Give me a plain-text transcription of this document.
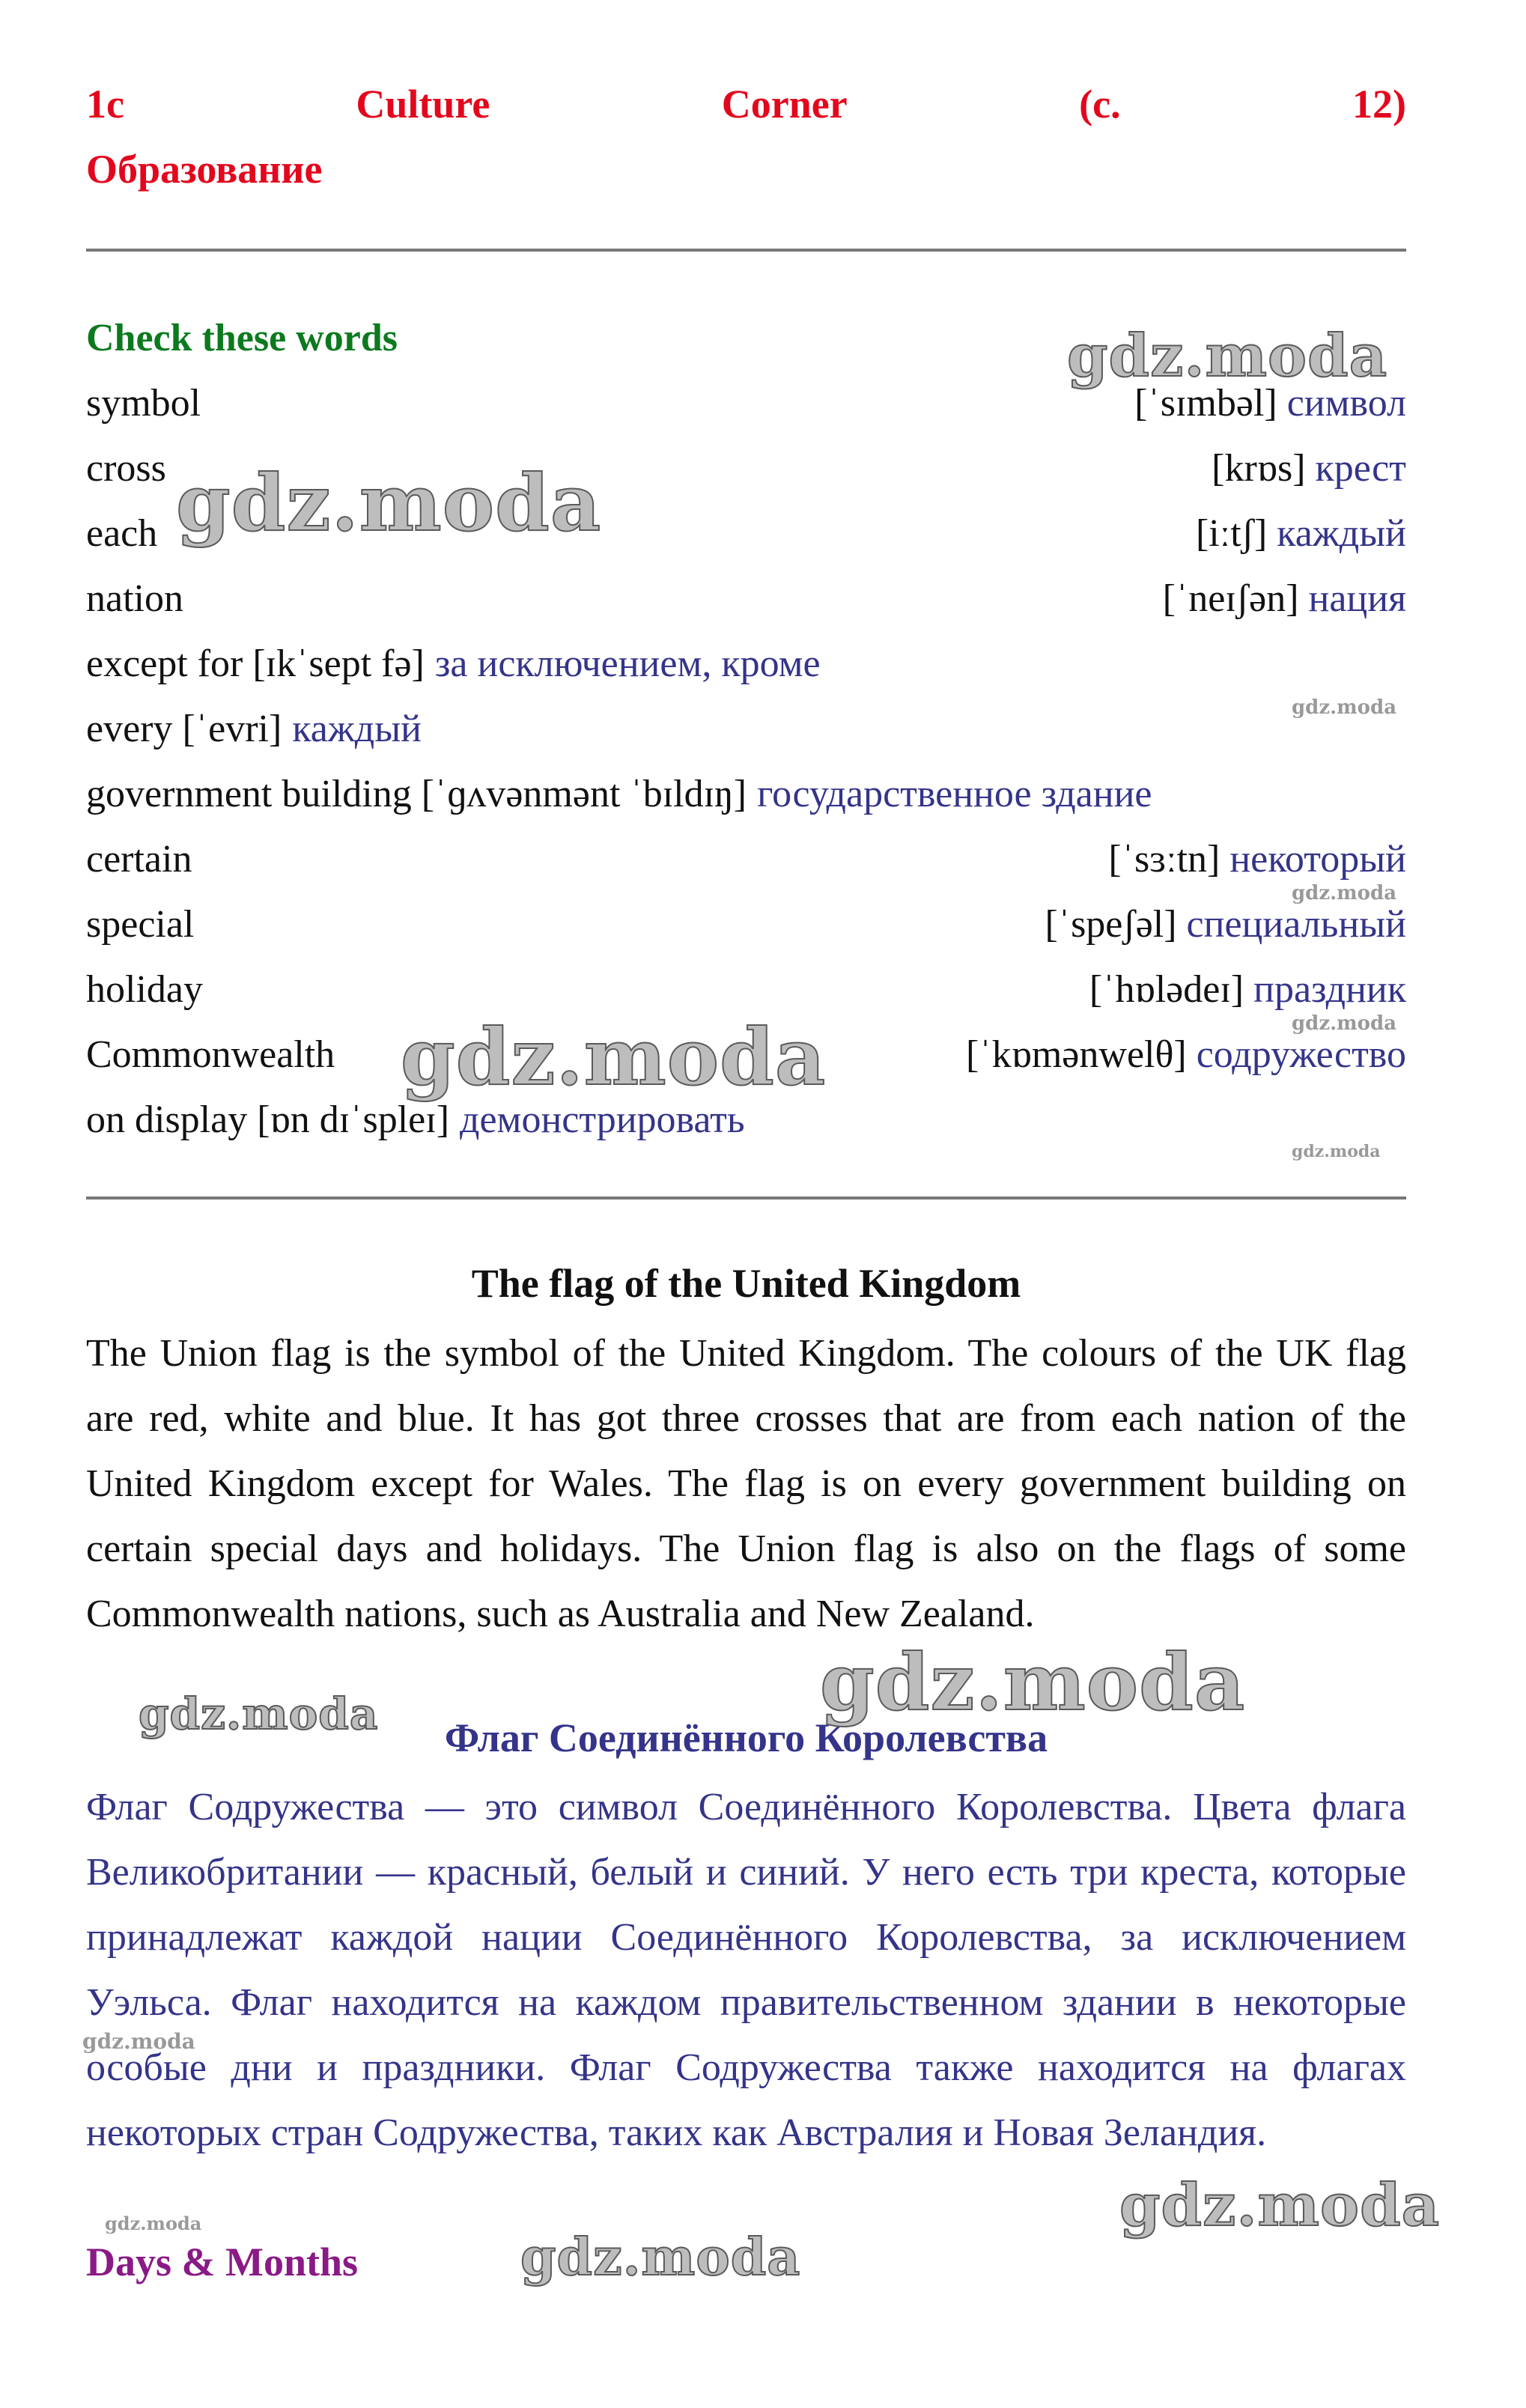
1c	Culture	Corner	(с.	12)
Образование
Check these words
symbol	[ˈsɪmbəl] символ
cross	[krɒs] крест
each	[iːtʃ] каждый
nation	[ˈneɪʃən] нация
except for [ɪkˈsept fə] за исключением, кроме
every [ˈevri] каждый
government building [ˈɡʌvənmənt ˈbɪldɪŋ] государственное здание
certain	[ˈsɜːtn] некоторый
special	[ˈspeʃəl] специальный
holiday	[ˈhɒlədeɪ] праздник
Commonwealth	[ˈkɒmənwelθ] содружество
on display [ɒn dɪˈspleɪ] демонстрировать
The flag of the United Kingdom

The Union flag is the symbol of the United Kingdom. The colours of the UK flag are red, white and blue. It has got three crosses that are from each nation of the United Kingdom except for Wales. The flag is on every government building on certain special days and holidays. The Union flag is also on the flags of some Commonwealth nations, such as Australia and New Zealand.

Флаг Соединённого Королевства

Флаг Содружества — это символ Соединённого Королевства. Цвета флага Великобритании — красный, белый и синий. У него есть три креста, которые принадлежат каждой нации Соединённого Королевства, за исключением Уэльса. Флаг находится на каждом правительственном здании в некоторые особые дни и праздники. Флаг Содружества также находится на флагах некоторых стран Содружества, таких как Австралия и Новая Зеландия.

Days & Months
gdz.moda
gdz.moda
gdz.moda
gdz.moda
gdz.moda
gdz.moda
gdz.moda
gdz.moda
gdz.moda
gdz.moda
gdz.moda
gdz.moda
gdz.moda
